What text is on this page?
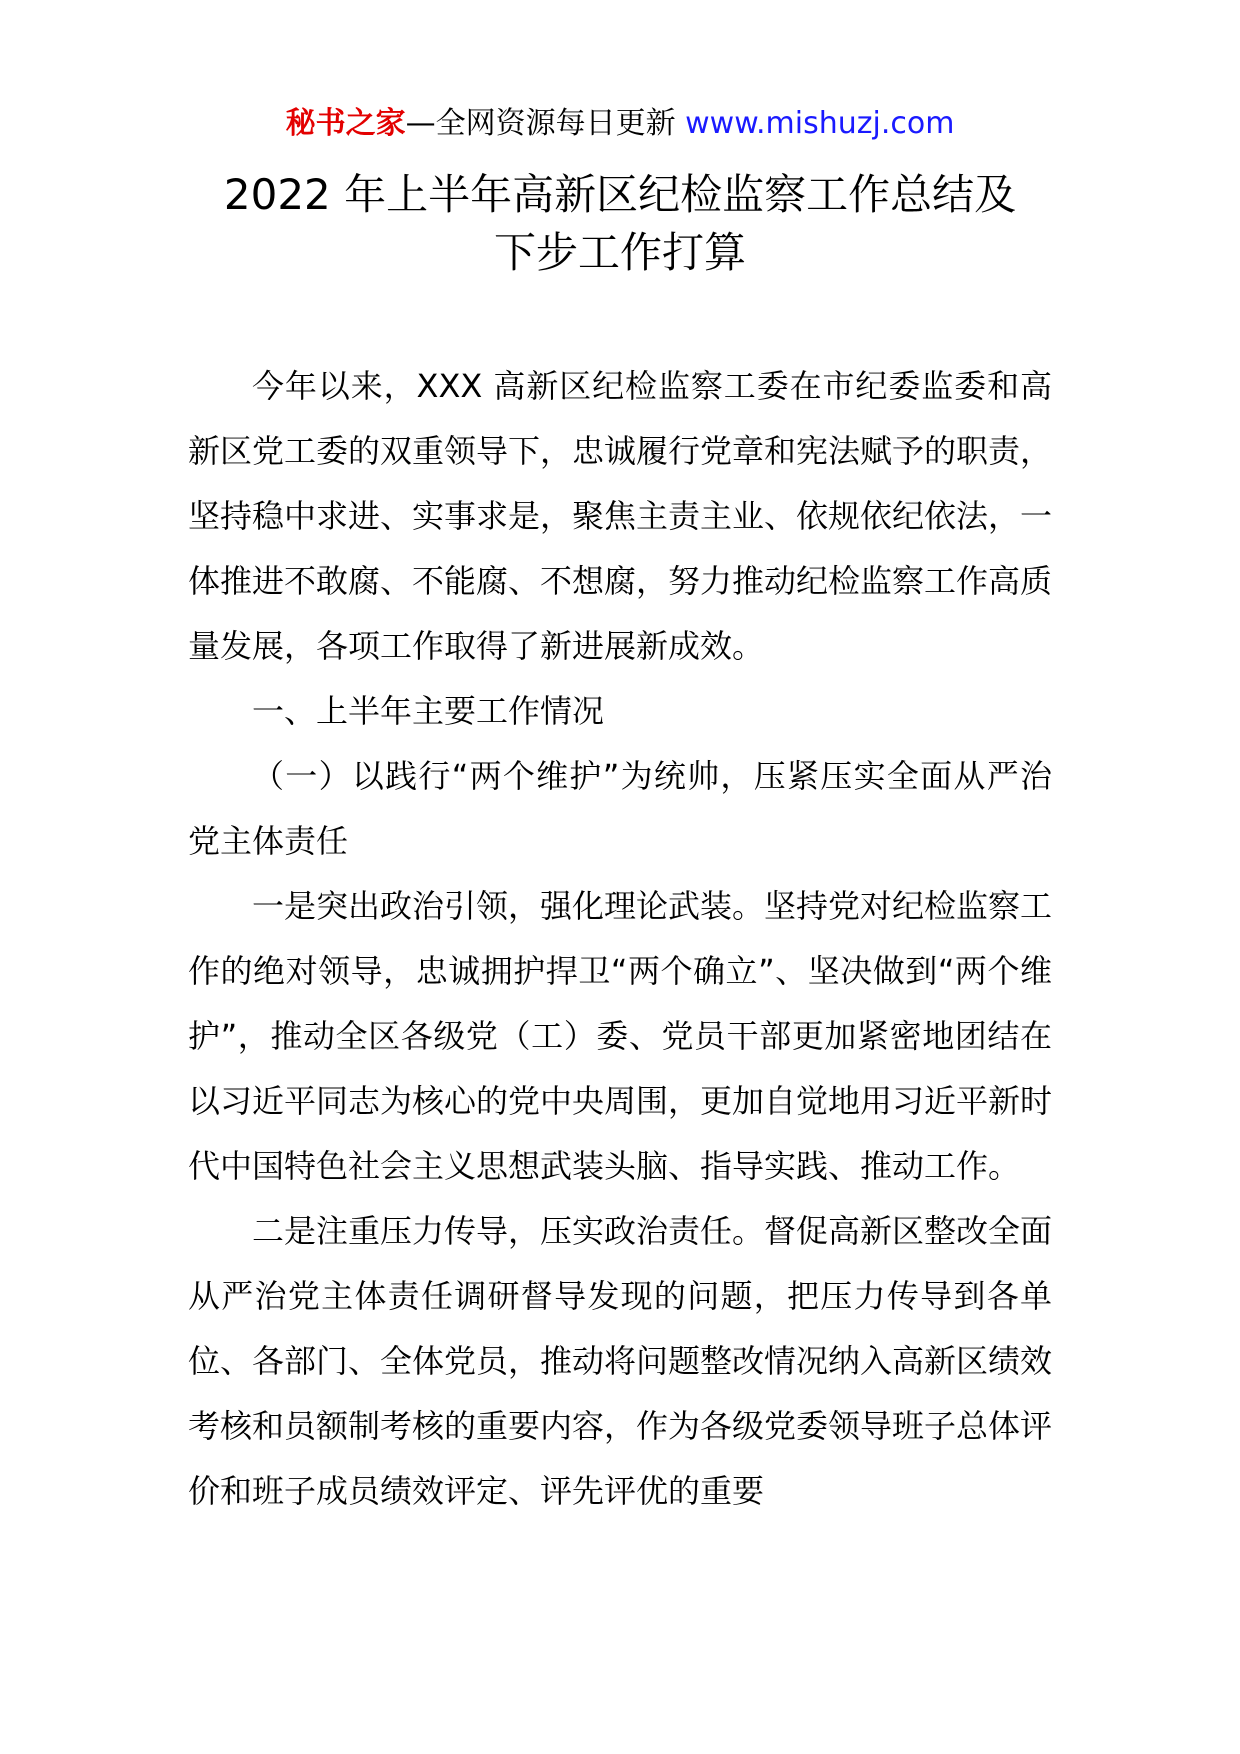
秘书之家—全网资源每日更新 www.mishuzj.com
2022 年上半年高新区纪检监察工作总结及
下步工作打算

今年以来，XXX 高新区纪检监察工委在市纪委监委和高新区党工委的双重领导下，忠诚履行党章和宪法赋予的职责，坚持稳中求进、实事求是，聚焦主责主业、依规依纪依法，一体推进不敢腐、不能腐、不想腐，努力推动纪检监察工作高质量发展，各项工作取得了新进展新成效。

一、上半年主要工作情况

（一）以践行“两个维护”为统帅，压紧压实全面从严治党主体责任

一是突出政治引领，强化理论武装。坚持党对纪检监察工作的绝对领导，忠诚拥护捍卫“两个确立”、坚决做到“两个维护”，推动全区各级党（工）委、党员干部更加紧密地团结在以习近平同志为核心的党中央周围，更加自觉地用习近平新时代中国特色社会主义思想武装头脑、指导实践、推动工作。

二是注重压力传导，压实政治责任。督促高新区整改全面从严治党主体责任调研督导发现的问题，把压力传导到各单位、各部门、全体党员，推动将问题整改情况纳入高新区绩效考核和员额制考核的重要内容，作为各级党委领导班子总体评价和班子成员绩效评定、评先评优的重要
